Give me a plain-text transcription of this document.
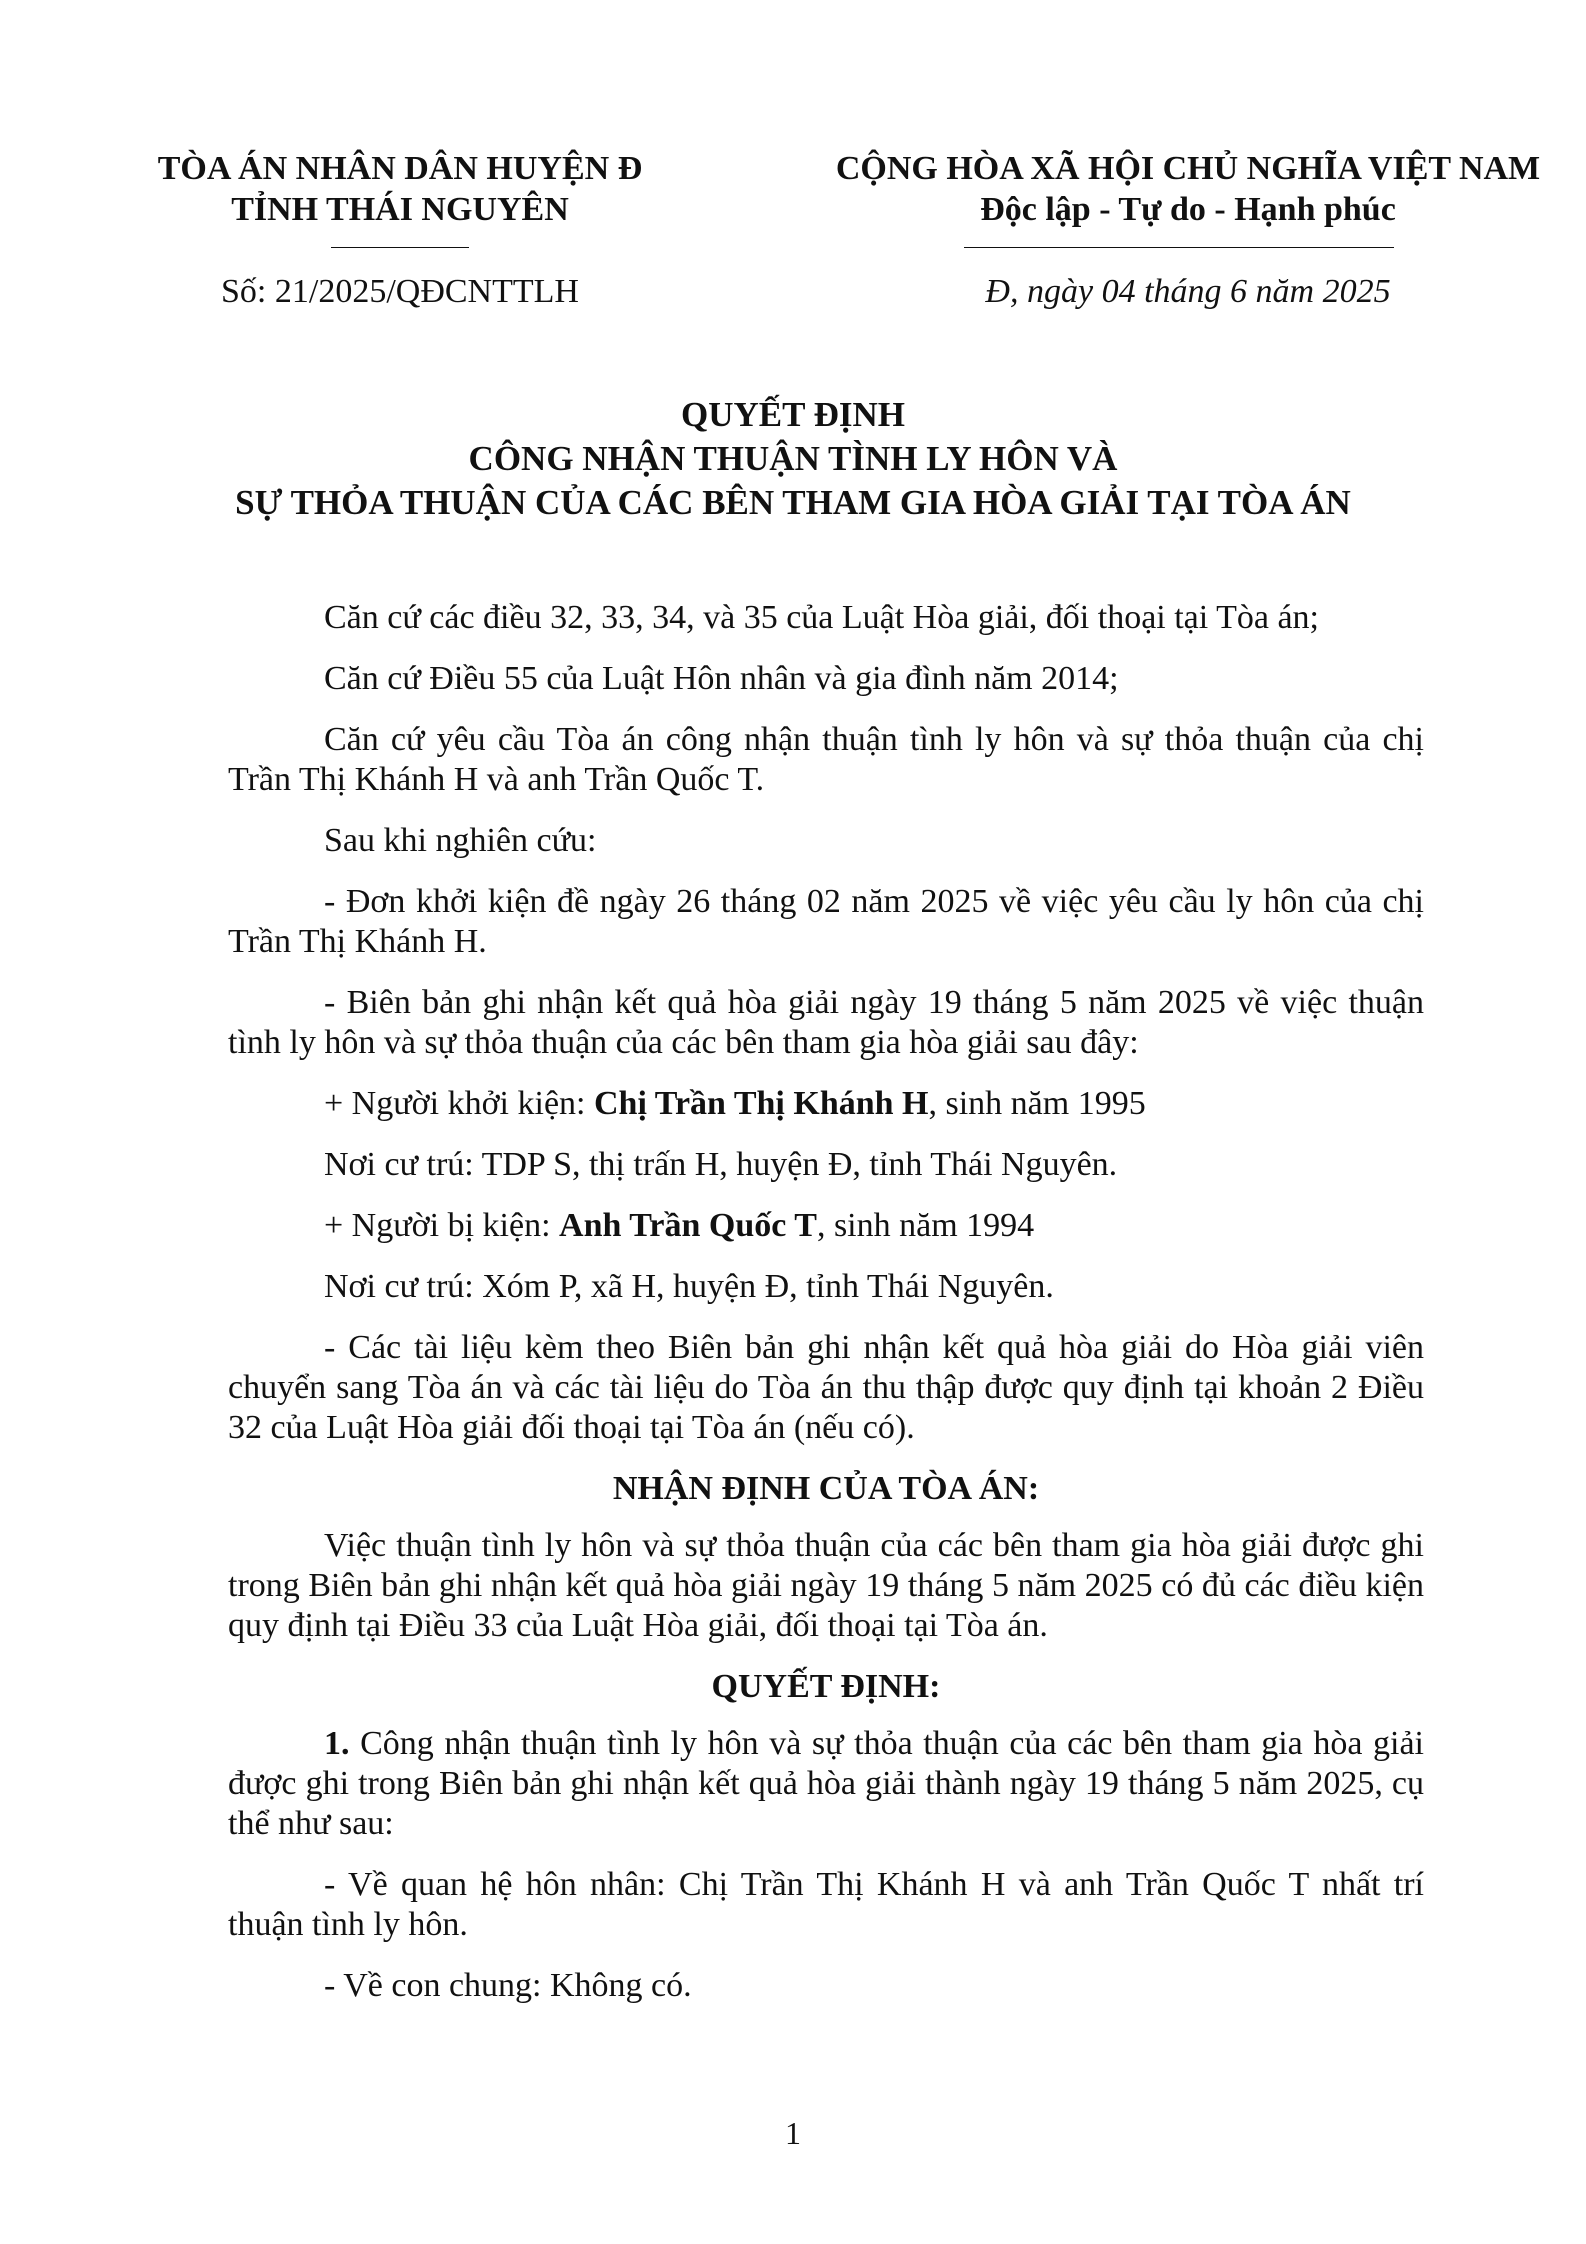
TÒA ÁN NHÂN DÂN HUYỆN Đ
TỈNH THÁI NGUYÊN
Số: 21/2025/QĐCNTTLH
CỘNG HÒA XÃ HỘI CHỦ NGHĨA VIỆT NAM
Độc lập - Tự do - Hạnh phúc
Đ, ngày 04 tháng 6 năm 2025
QUYẾT ĐỊNH
CÔNG NHẬN THUẬN TÌNH LY HÔN VÀ
SỰ THỎA THUẬN CỦA CÁC BÊN THAM GIA HÒA GIẢI TẠI TÒA ÁN

Căn cứ các điều 32, 33, 34, và 35 của Luật Hòa giải, đối thoại tại Tòa án;

Căn cứ Điều 55 của Luật Hôn nhân và gia đình năm 2014;

Căn cứ yêu cầu Tòa án công nhận thuận tình ly hôn và sự thỏa thuận của chị Trần Thị Khánh H và anh Trần Quốc T.

Sau khi nghiên cứu:

- Đơn khởi kiện đề ngày 26 tháng 02 năm 2025 về việc yêu cầu ly hôn của chị Trần Thị Khánh H.

- Biên bản ghi nhận kết quả hòa giải ngày 19 tháng 5 năm 2025 về việc thuận tình ly hôn và sự thỏa thuận của các bên tham gia hòa giải sau đây:

+ Người khởi kiện: Chị Trần Thị Khánh H, sinh năm 1995

Nơi cư trú: TDP S, thị trấn H, huyện Đ, tỉnh Thái Nguyên.

+ Người bị kiện: Anh Trần Quốc T, sinh năm 1994

Nơi cư trú: Xóm P, xã H, huyện Đ, tỉnh Thái Nguyên.

- Các tài liệu kèm theo Biên bản ghi nhận kết quả hòa giải do Hòa giải viên chuyển sang Tòa án và các tài liệu do Tòa án thu thập được quy định tại khoản 2 Điều 32 của Luật Hòa giải đối thoại tại Tòa án (nếu có).

NHẬN ĐỊNH CỦA TÒA ÁN:

Việc thuận tình ly hôn và sự thỏa thuận của các bên tham gia hòa giải được ghi trong Biên bản ghi nhận kết quả hòa giải ngày 19 tháng 5 năm 2025 có đủ các điều kiện quy định tại Điều 33 của Luật Hòa giải, đối thoại tại Tòa án.

QUYẾT ĐỊNH:

1. Công nhận thuận tình ly hôn và sự thỏa thuận của các bên tham gia hòa giải được ghi trong Biên bản ghi nhận kết quả hòa giải thành ngày 19 tháng 5 năm 2025, cụ thể như sau:

- Về quan hệ hôn nhân: Chị Trần Thị Khánh H và anh Trần Quốc T nhất trí thuận tình ly hôn.

- Về con chung: Không có.

1
